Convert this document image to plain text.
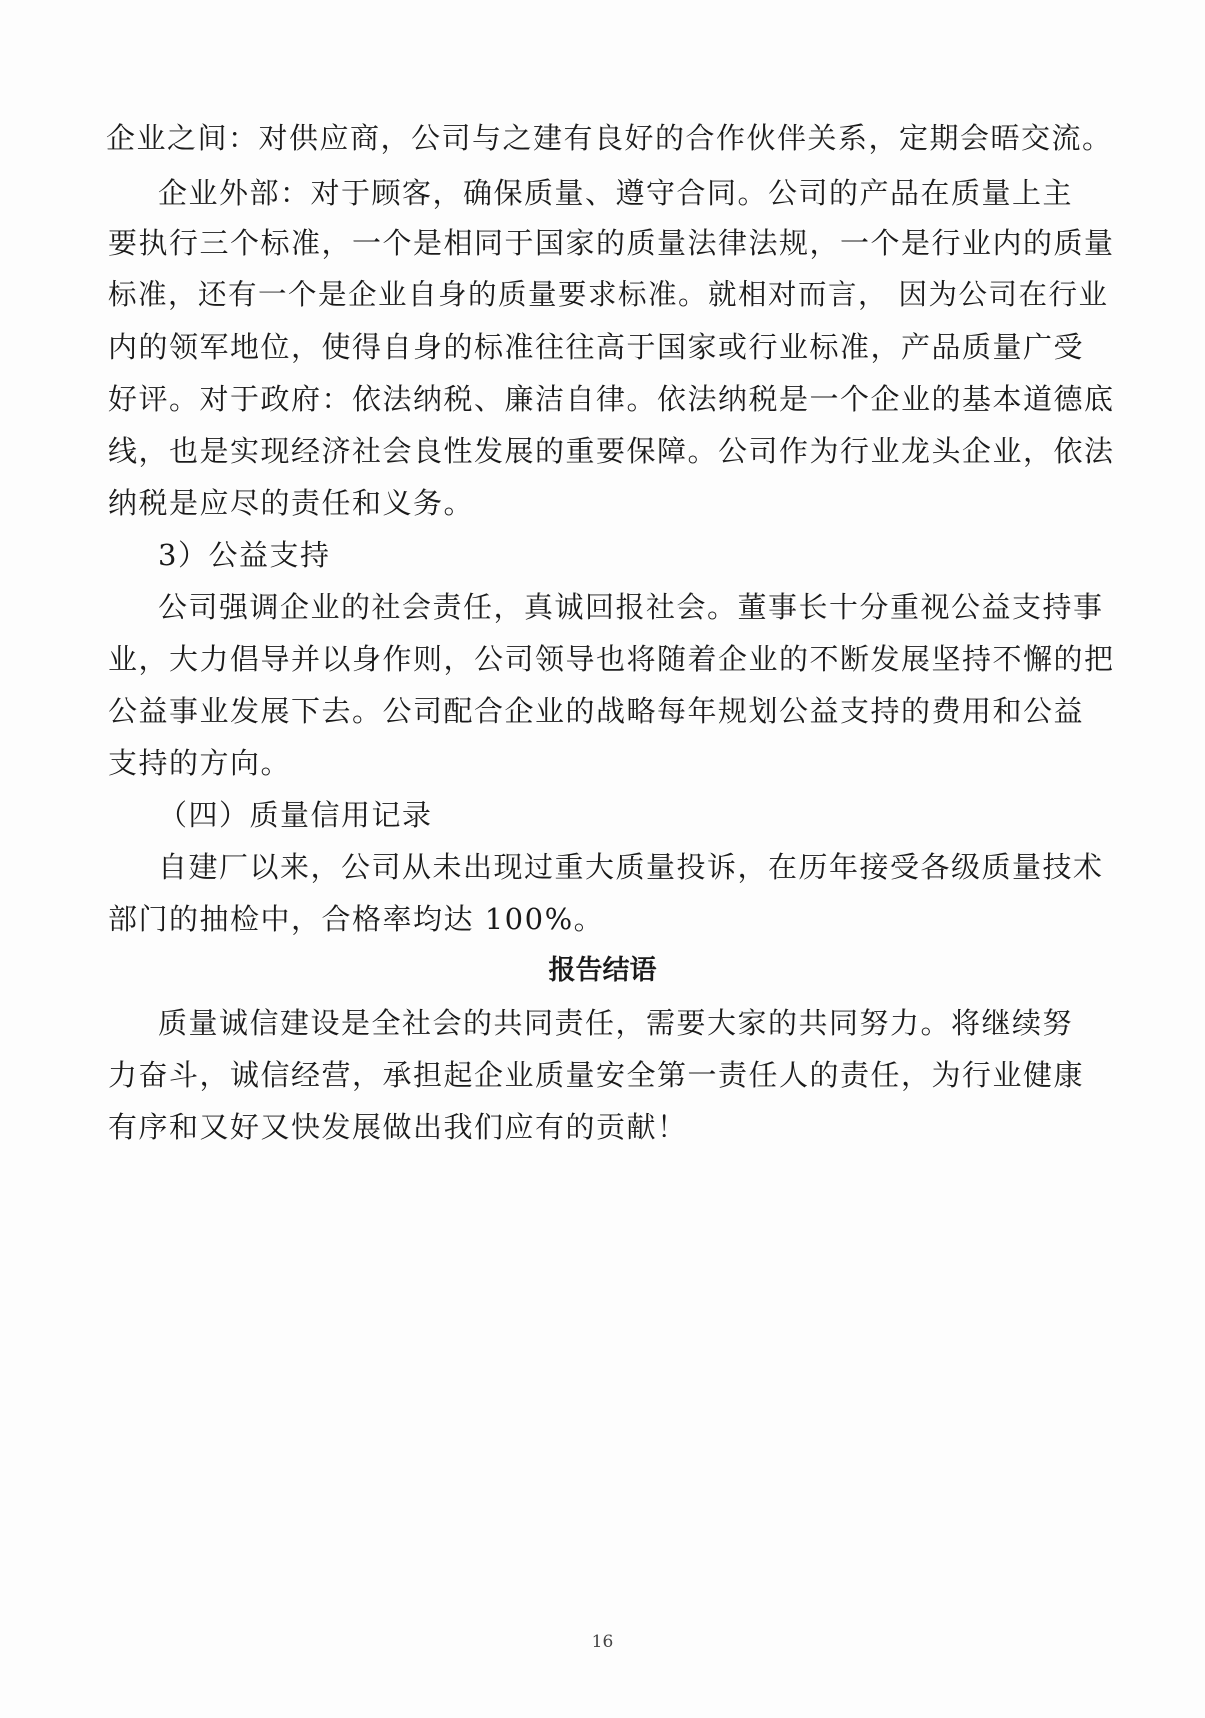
企业之间：对供应商，公司与之建有良好的合作伙伴关系，定期会晤交流。
企业外部：对于顾客，确保质量、遵守合同。公司的产品在质量上主
要执行三个标准，一个是相同于国家的质量法律法规，一个是行业内的质量
标准，还有一个是企业自身的质量要求标准。就相对而言， 因为公司在行业
内的领军地位，使得自身的标准往往高于国家或行业标准，产品质量广受
好评。对于政府：依法纳税、廉洁自律。依法纳税是一个企业的基本道德底
线，也是实现经济社会良性发展的重要保障。公司作为行业龙头企业，依法
纳税是应尽的责任和义务。
3）公益支持
公司强调企业的社会责任，真诚回报社会。董事长十分重视公益支持事
业，大力倡导并以身作则，公司领导也将随着企业的不断发展坚持不懈的把
公益事业发展下去。公司配合企业的战略每年规划公益支持的费用和公益
支持的方向。
（四）质量信用记录
自建厂以来，公司从未出现过重大质量投诉，在历年接受各级质量技术
部门的抽检中，合格率均达 100%。
报告结语
质量诚信建设是全社会的共同责任，需要大家的共同努力。将继续努
力奋斗，诚信经营，承担起企业质量安全第一责任人的责任，为行业健康
有序和又好又快发展做出我们应有的贡献！
16
